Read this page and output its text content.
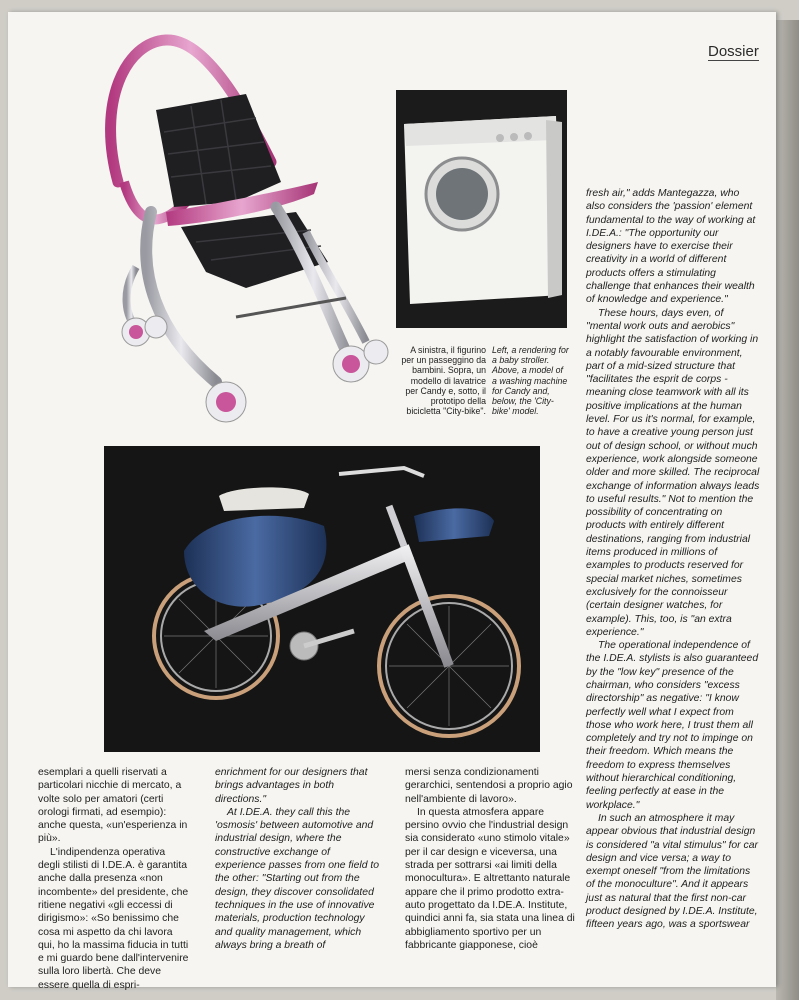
Dossier
A sinistra, il figurino per un passeggino da bambini. Sopra, un modello di lavatrice per Candy e, sotto, il prototipo della bicicletta "City-bike".
Left, a rendering for a baby stroller. Above, a model of a washing machine for Candy and, below, the 'City-bike' model.

fresh air," adds Mantegazza, who also considers the 'passion' element fundamental to the way of working at I.DE.A.: "The opportunity our designers have to exercise their creativity in a world of different products offers a stimulating challenge that enhances their wealth of knowledge and experience."

These hours, days even, of "mental work outs and aerobics" highlight the satisfaction of working in a notably favourable environment, part of a mid-sized structure that "facilitates the esprit de corps - meaning close teamwork with all its positive implications at the human level. For us it's normal, for example, to have a creative young person just out of design school, or without much experience, work alongside someone older and more skilled. The reciprocal exchange of information always leads to useful results." Not to mention the possibility of concentrating on products with entirely different destinations, ranging from industrial items produced in millions of examples to products reserved for special market niches, sometimes exclusively for the connoisseur (certain designer watches, for example). This, too, is "an extra experience."

The operational independence of the I.DE.A. stylists is also guaranteed by the "low key" presence of the chairman, who considers "excess directorship" as negative: "I know perfectly well what I expect from those who work here, I trust them all completely and try not to impinge on their freedom. Which means the freedom to express themselves without hierarchical conditioning, feeling perfectly at ease in the workplace."

In such an atmosphere it may appear obvious that industrial design is considered "a vital stimulus" for car design and vice versa; a way to exempt oneself "from the limitations of the monoculture". And it appears just as natural that the first non-car product designed by I.DE.A. Institute, fifteen years ago, was a sportswear

esemplari a quelli riservati a particolari nicchie di mercato, a volte solo per amatori (certi orologi firmati, ad esempio): anche questa, «un'esperienza in più».

L'indipendenza operativa degli stilisti di I.DE.A. è garantita anche dalla presenza «non incombente» del presidente, che ritiene negativi «gli eccessi di dirigismo»: «So benissimo che cosa mi aspetto da chi lavora qui, ho la massima fiducia in tutti e mi guardo bene dall'intervenire sulla loro libertà. Che deve essere quella di espri-

enrichment for our designers that brings advantages in both directions."

At I.DE.A. they call this the 'osmosis' between automotive and industrial design, where the constructive exchange of experience passes from one field to the other: "Starting out from the design, they discover consolidated techniques in the use of innovative materials, production technology and quality management, which always bring a breath of

mersi senza condizionamenti gerarchici, sentendosi a proprio agio nell'ambiente di lavoro».

In questa atmosfera appare persino ovvio che l'industrial design sia considerato «uno stimolo vitale» per il car design e viceversa, una strada per sottrarsi «ai limiti della monocultura». E altrettanto naturale appare che il primo prodotto extra-auto progettato da I.DE.A. Institute, quindici anni fa, sia stata una linea di abbigliamento sportivo per un fabbricante giapponese, cioè
